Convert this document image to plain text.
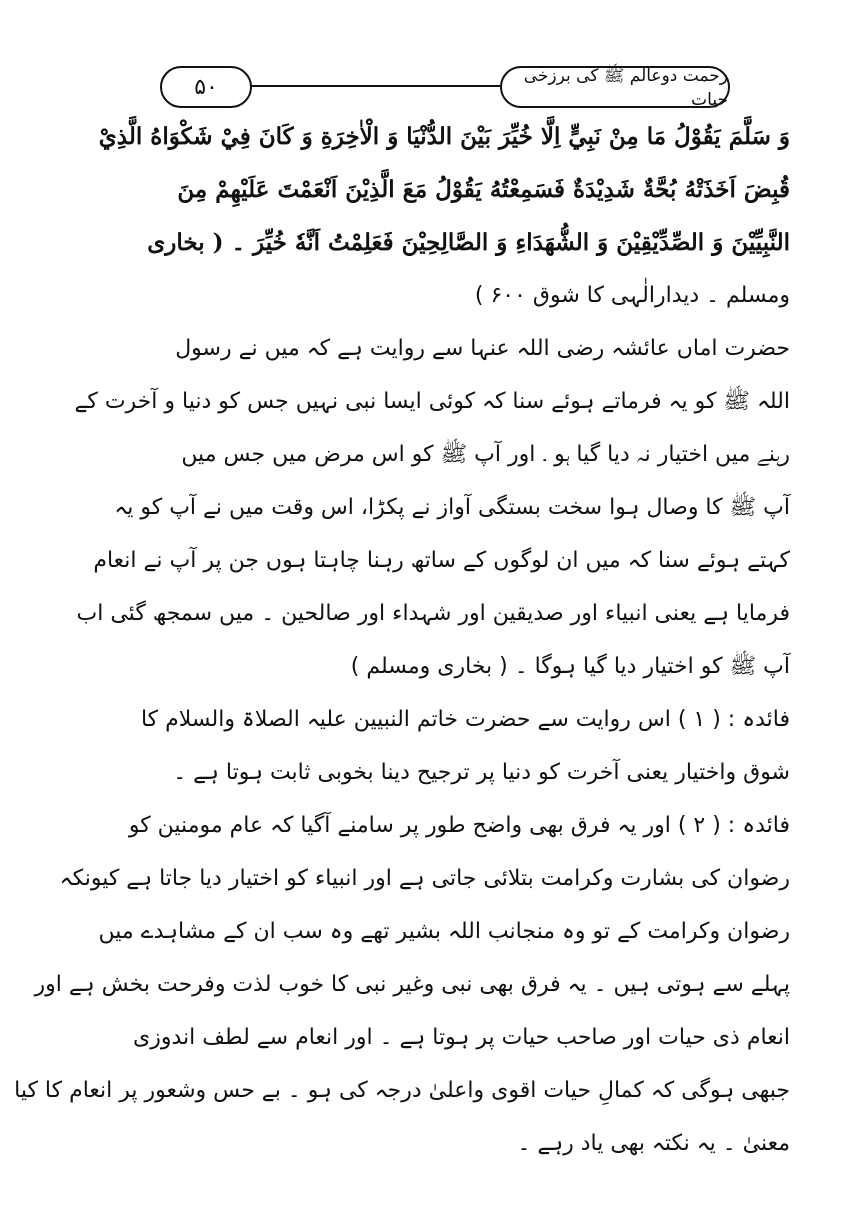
۵۰	رحمت دوعالم ﷺ کی برزخی حیات
وَ سَلَّمَ يَقُوْلُ مَا مِنْ نَبِيٍّ اِلَّا خُيِّرَ بَيْنَ الدُّنْيَا وَ الْاٰخِرَةِ وَ كَانَ فِيْ شَكْوَاهُ الَّذِيْ
قُبِضَ اَخَذَتْهُ بُحَّةٌ شَدِيْدَةٌ فَسَمِعْتُهُ يَقُوْلُ مَعَ الَّذِيْنَ اَنْعَمْتَ عَلَيْهِمْ مِنَ
النَّبِيِّيْنَ وَ الصِّدِّيْقِيْنَ وَ الشُّهَدَاءِ وَ الصَّالِحِيْنَ فَعَلِمْتُ اَنَّهٗ خُيِّرَ ۔ ( بخاری
ومسلم ۔ دیدارالٰہی کا شوق ۶۰۰ )
حضرت اماں عائشہ رضی اللہ عنہا سے روایت ہے کہ میں نے رسول
اللہ ﷺ کو یہ فرماتے ہوئے سنا کہ کوئی ایسا نبی نہیں جس کو دنیا و آخرت کے
رہنے میں اختیار نہ دیا گیا ہو ۔ اور آپ ﷺ کو اس مرض میں جس میں
آپ ﷺ کا وصال ہوا سخت بستگی آواز نے پکڑا، اس وقت میں نے آپ کو یہ
کہتے ہوئے سنا کہ میں ان لوگوں کے ساتھ رہنا چاہتا ہوں جن پر آپ نے انعام
فرمایا ہے یعنی انبیاء اور صدیقین اور شہداء اور صالحین ۔ میں سمجھ گئی اب
آپ ﷺ کو اختیار دیا گیا ہوگا ۔ ( بخاری ومسلم )
فائدہ : ( ۱ ) اس روایت سے حضرت خاتم النبیین علیہ الصلاۃ والسلام کا
شوق واختیار یعنی آخرت کو دنیا پر ترجیح دینا بخوبی ثابت ہوتا ہے ۔
فائدہ : ( ۲ ) اور یہ فرق بھی واضح طور پر سامنے آگیا کہ عام مومنین کو
رضوان کی بشارت وکرامت بتلائی جاتی ہے اور انبیاء کو اختیار دیا جاتا ہے کیونکہ
رضوان وکرامت کے تو وہ منجانب اللہ بشیر تھے وہ سب ان کے مشاہدے میں
پہلے سے ہوتی ہیں ۔ یہ فرق بھی نبی وغیر نبی کا خوب لذت وفرحت بخش ہے اور
انعام ذی حیات اور صاحب حیات پر ہوتا ہے ۔ اور انعام سے لطف اندوزی
جبھی ہوگی کہ کمالِ حیات اقوی واعلیٰ درجہ کی ہو ۔ بے حس وشعور پر انعام کا کیا
معنیٰ ۔ یہ نکتہ بھی یاد رہے ۔
